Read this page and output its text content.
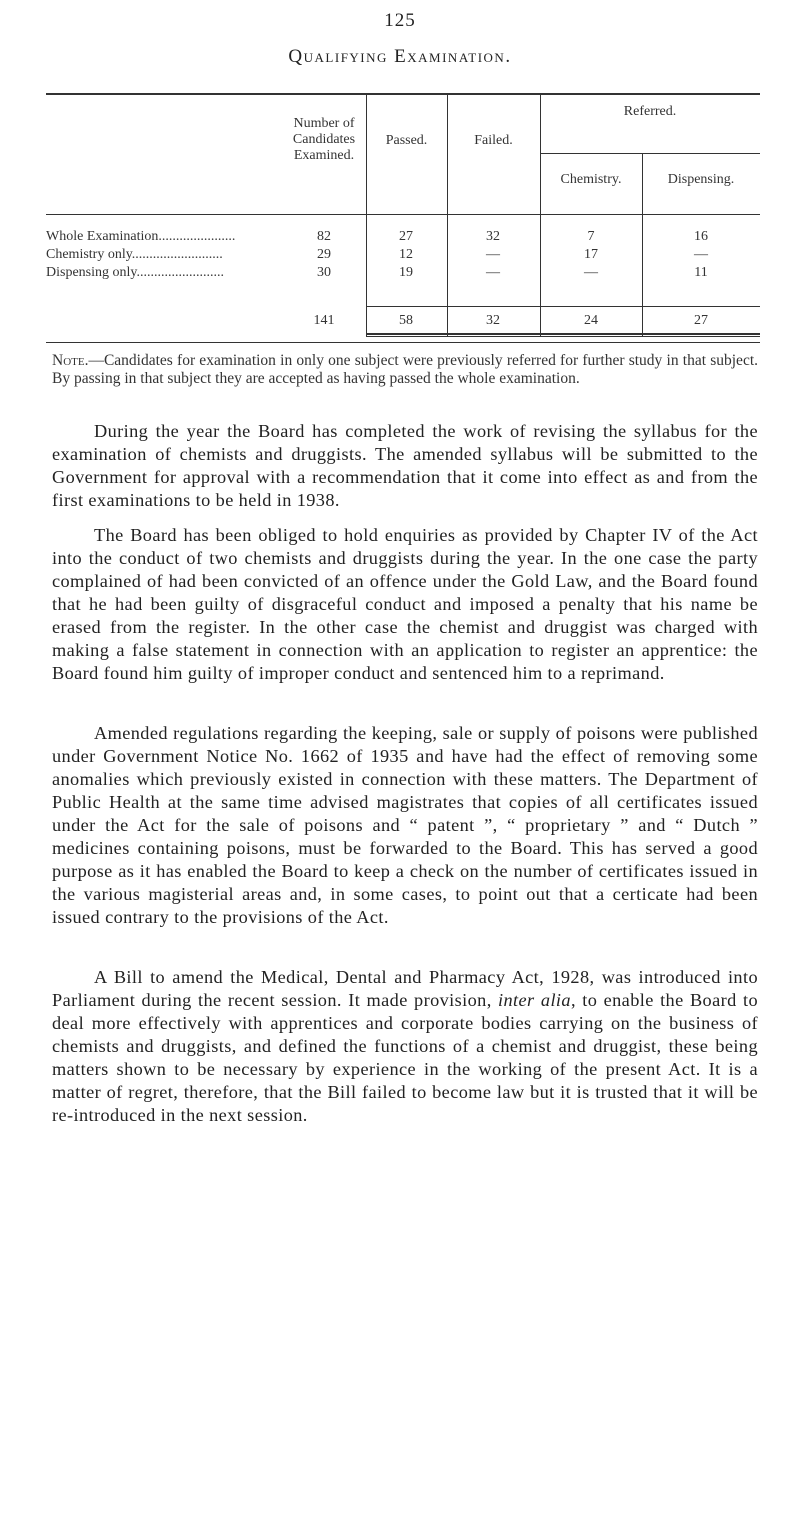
125
Qualifying Examination.
Number of
Candidates
Examined.
Passed.	Failed.
Referred.
Chemistry.	Dispensing.
Whole Examination......................	82	27	32	7	16
Chemistry only..........................	29	12	—	17	—
Dispensing only.........................	30	19	—	—	11
141	58	32	24	27
Note.—Candidates for examination in only one subject were previously referred for further study in that subject. By passing in that subject they are accepted as having passed the whole examination.
During the year the Board has completed the work of revising the syllabus for the examination of chemists and druggists. The amended syllabus will be submitted to the Government for approval with a recommendation that it come into effect as and from the first examinations to be held in 1938.
The Board has been obliged to hold enquiries as provided by Chapter IV of the Act into the conduct of two chemists and druggists during the year. In the one case the party complained of had been convicted of an offence under the Gold Law, and the Board found that he had been guilty of disgraceful conduct and imposed a penalty that his name be erased from the register. In the other case the chemist and druggist was charged with making a false statement in connection with an application to register an apprentice: the Board found him guilty of improper conduct and sentenced him to a reprimand.
Amended regulations regarding the keeping, sale or supply of poisons were published under Government Notice No. 1662 of 1935 and have had the effect of removing some anomalies which previously existed in connection with these matters. The Department of Public Health at the same time advised magistrates that copies of all certificates issued under the Act for the sale of poisons and “ patent ”, “ proprietary ” and “ Dutch ” medicines containing poisons, must be forwarded to the Board. This has served a good purpose as it has enabled the Board to keep a check on the number of certificates issued in the various magisterial areas and, in some cases, to point out that a certicate had been issued contrary to the provisions of the Act.
A Bill to amend the Medical, Dental and Pharmacy Act, 1928, was introduced into Parliament during the recent session. It made provision, inter alia, to enable the Board to deal more effectively with apprentices and corporate bodies carrying on the business of chemists and druggists, and defined the functions of a chemist and druggist, these being matters shown to be necessary by experience in the working of the present Act. It is a matter of regret, therefore, that the Bill failed to become law but it is trusted that it will be re-introduced in the next session.
